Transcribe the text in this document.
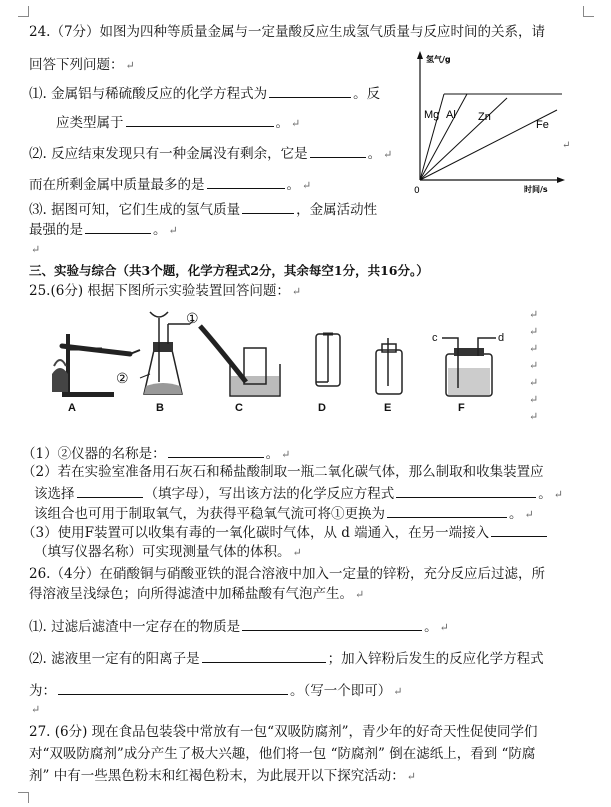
24.（7分）如图为四种等质量金属与一定量酸反应生成氢气质量与反应时间的关系，请
回答下列问题： ↵
⑴. 金属铝与稀硫酸反应的化学方程式为	。反
应类型属于	。 ↵
⑵. 反应结束发现只有一种金属没有剩余，它是	。 ↵
而在所剩金属中质量最多的是	。 ↵
⑶. 据图可知，它们生成的氢气质量	，金属活动性
最强的是	。 ↵
↵
氢气/g
时间/s
0
Mg Al Zn
Fe
↵
三、实验与综合（共3个题，化学方程式2分，其余每空1分，共16分。）
25.(6分) 根据下图所示实验装置回答问题： ↵
A	B	C	D	E	F
①
②
c	d
↵
↵
↵
↵
↵
↵
↵
（1）②仪器的名称是：	。 ↵
（2）若在实验室准备用石灰石和稀盐酸制取一瓶二氧化碳气体，那么制取和收集装置应
该选择	（填字母），写出该方法的化学反应方程式	。 ↵
该组合也可用于制取氧气，为获得平稳氧气流可将①更换为	。 ↵
（3）使用F装置可以收集有毒的一氧化碳时气体，从 d 端通入，在另一端接入
（填写仪器名称）可实现测量气体的体积。 ↵
26.（4分）在硝酸铜与硝酸亚铁的混合溶液中加入一定量的锌粉，充分反应后过滤，所
得溶液呈浅绿色；向所得滤渣中加稀盐酸有气泡产生。 ↵
⑴. 过滤后滤渣中一定存在的物质是	。 ↵
⑵. 滤液里一定有的阳离子是	；加入锌粉后发生的反应化学方程式
为：	。（写一个即可） ↵
↵
27. (6分) 现在食品包装袋中常放有一包“双吸防腐剂”，青少年的好奇天性促使同学们
对“双吸防腐剂”成分产生了极大兴趣，他们将一包 “防腐剂” 倒在滤纸上，看到 “防腐
剂” 中有一些黑色粉末和红褐色粉末，为此展开以下探究活动： ↵
